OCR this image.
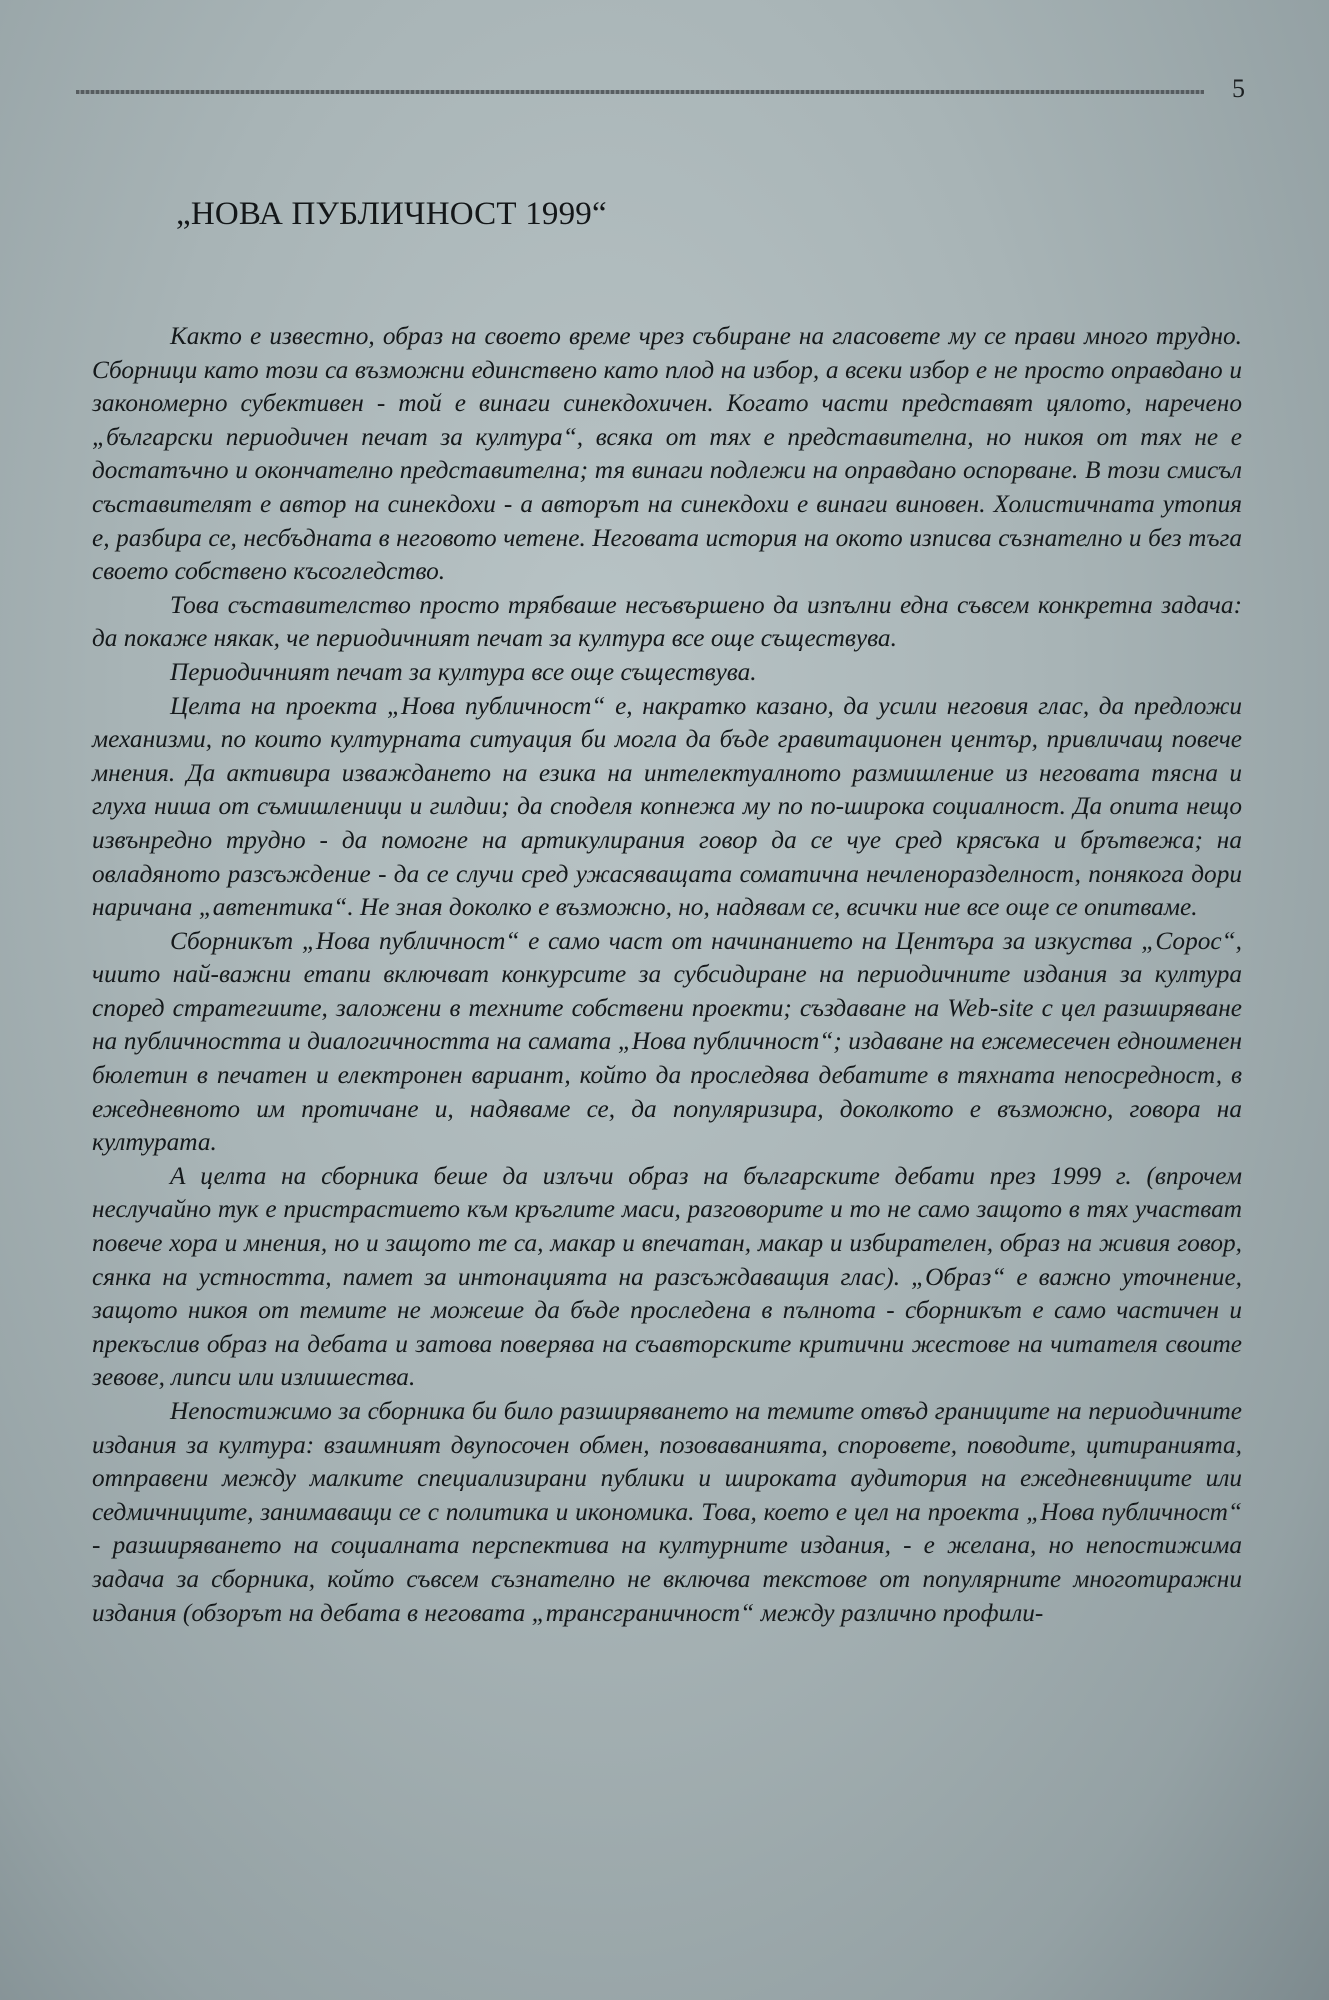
5
„НОВА ПУБЛИЧНОСТ 1999“

Както е известно, образ на своето време чрез събиране на гласовете му се прави много трудно. Сборници като този са възможни единствено като плод на избор, а всеки избор е не просто оправдано и закономерно субективен - той е винаги синекдохичен. Когато части представят цялото, наречено „български периодичен печат за култура“, всяка от тях е представителна, но никоя от тях не е достатъчно и окончателно представителна; тя винаги подлежи на оправдано оспорване. В този смисъл съставителят е автор на синекдохи - а авторът на синекдохи е винаги виновен. Холистичната утопия е, разбира се, несбъдната в неговото четене. Неговата история на окото изписва съзнателно и без тъга своето собствено късогледство.

Това съставителство просто трябваше несъвършено да изпълни една съвсем конкретна задача: да покаже някак, че периодичният печат за култура все още съществува.

Периодичният печат за култура все още съществува.

Целта на проекта „Нова публичност“ е, накратко казано, да усили неговия глас, да предложи механизми, по които културната ситуация би могла да бъде гравитационен център, привличащ повече мнения. Да активира изваждането на езика на интелектуалното размишление из неговата тясна и глуха ниша от съмишленици и гилдии; да споделя копнежа му по по-широка социалност. Да опита нещо извънредно трудно - да помогне на артикулирания говор да се чуе сред крясъка и брътвежа; на овладяното разсъждение - да се случи сред ужасяващата соматична нечленоразделност, понякога дори наричана „автентика“. Не зная доколко е възможно, но, надявам се, всички ние все още се опитваме.

Сборникът „Нова публичност“ е само част от начинанието на Центъра за изкуства „Сорос“, чиито най-важни етапи включват конкурсите за субсидиране на периодичните издания за култура според стратегиите, заложени в техните собствени проекти; създаване на Web-site с цел разширяване на публичността и диалогичността на самата „Нова публичност“; издаване на ежемесечен едноименен бюлетин в печатен и електронен вариант, който да проследява дебатите в тяхната непосредност, в ежедневното им протичане и, надяваме се, да популяризира, доколкото е възможно, говора на културата.

А целта на сборника беше да излъчи образ на българските дебати през 1999 г. (впрочем неслучайно тук е пристрастието към кръглите маси, разговорите и то не само защото в тях участват повече хора и мнения, но и защото те са, макар и впечатан, макар и избирателен, образ на живия говор, сянка на устността, памет за интонацията на разсъждаващия глас). „Образ“ е важно уточнение, защото никоя от темите не можеше да бъде проследена в пълнота - сборникът е само частичен и прекъслив образ на дебата и затова поверява на съавторските критични жестове на читателя своите зевове, липси или излишества.

Непостижимо за сборника би било разширяването на темите отвъд границите на периодичните издания за култура: взаимният двупосочен обмен, позоваванията, споровете, поводите, цитиранията, отправени между малките специализирани публики и широката аудитория на ежедневниците или седмичниците, занимаващи се с политика и икономика. Това, което е цел на проекта „Нова публичност“ - разширяването на социалната перспектива на културните издания, - е желана, но непостижима задача за сборника, който съвсем съзнателно не включва текстове от популярните многотиражни издания (обзорът на дебата в неговата „трансграничност“ между различно профили-
